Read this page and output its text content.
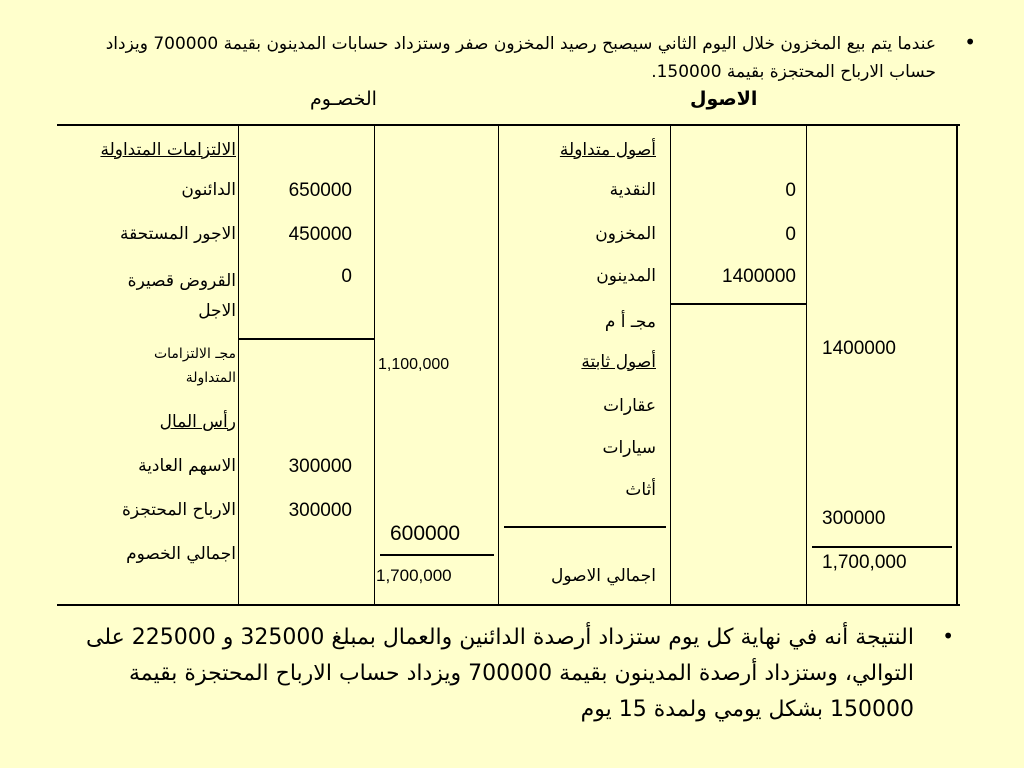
•
عندما يتم بيع المخزون خلال اليوم الثاني سيصبح رصيد المخزون صفر وستزداد حسابات المدينون بقيمة 700000 ويزداد حساب الارباح المحتجزة بقيمة 150000.
الخصـوم	الاصول
الالتزامات المتداولة
الدائنون
الاجور المستحقة
القروض قصيرة الاجل
مجـ الالتزامات المتداولة
رأس المال
الاسهم العادية
الارباح المحتجزة
اجمالي الخصوم
650000
450000
0
300000
300000
1,100,000
600000
1,700,000
أصول متداولة
النقدية
المخزون
المدينون
مجـ أ م
أصول ثابتة
عقارات
سيارات
أثاث
اجمالي الاصول
0
0
1400000
1400000
300000
1,700,000
•
النتيجة أنه في نهاية كل يوم ستزداد أرصدة الدائنين والعمال بمبلغ 325000 و 225000 على التوالي، وستزداد أرصدة المدينون بقيمة 700000 ويزداد حساب الارباح المحتجزة بقيمة 150000 بشكل يومي ولمدة 15 يوم
